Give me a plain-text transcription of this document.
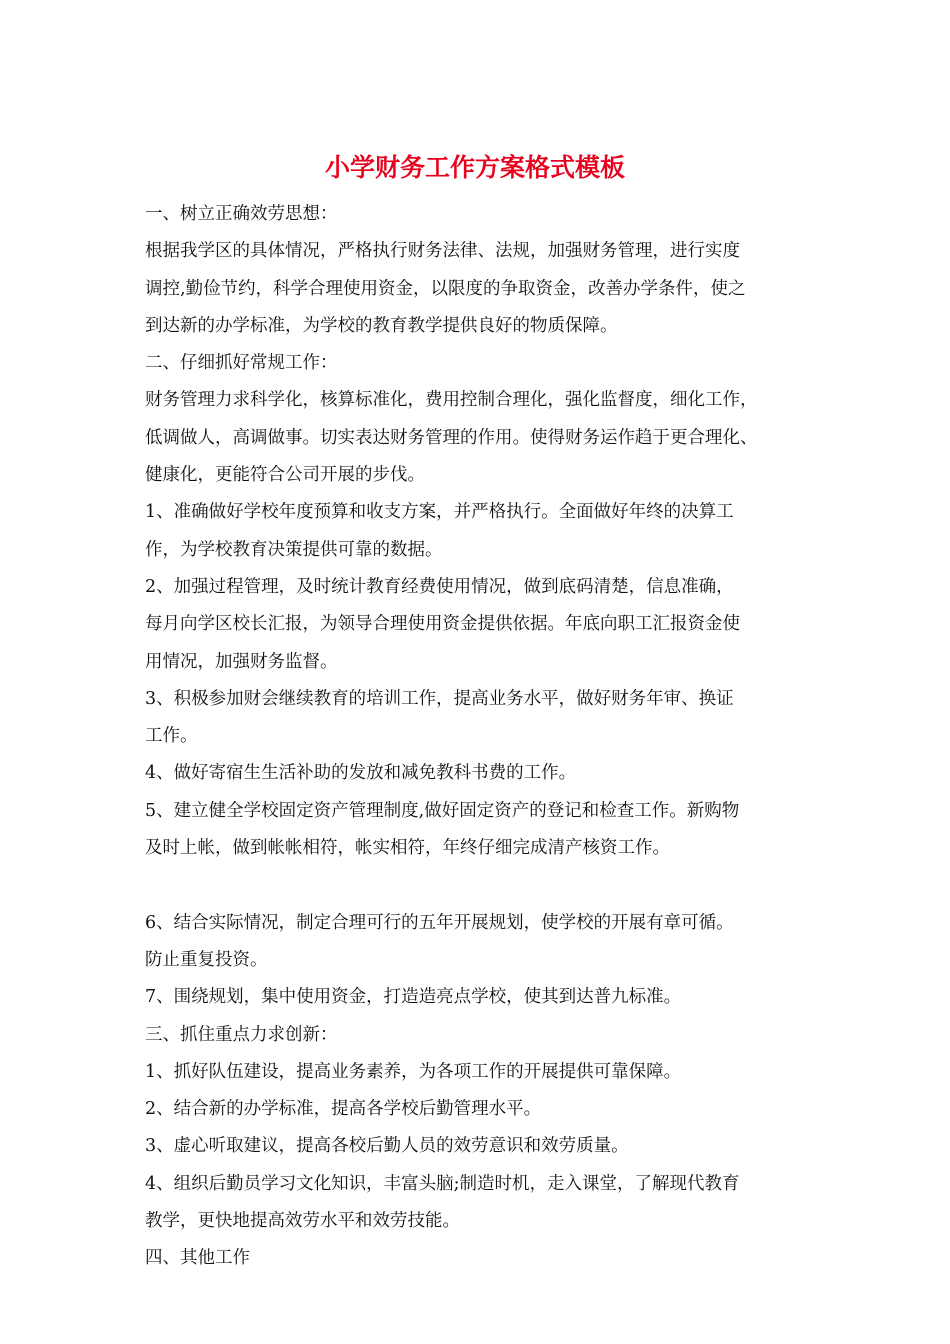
小学财务工作方案格式模板
一、树立正确效劳思想：
根据我学区的具体情况，严格执行财务法律、法规，加强财务管理，进行实度
调控,勤俭节约，科学合理使用资金，以限度的争取资金，改善办学条件，使之
到达新的办学标准，为学校的教育教学提供良好的物质保障。
二、仔细抓好常规工作：
财务管理力求科学化，核算标准化，费用控制合理化，强化监督度，细化工作，
低调做人，高调做事。切实表达财务管理的作用。使得财务运作趋于更合理化、
健康化，更能符合公司开展的步伐。
1、准确做好学校年度预算和收支方案，并严格执行。全面做好年终的决算工
作，为学校教育决策提供可靠的数据。
2、加强过程管理，及时统计教育经费使用情况，做到底码清楚，信息准确，
每月向学区校长汇报，为领导合理使用资金提供依据。年底向职工汇报资金使
用情况，加强财务监督。
3、积极参加财会继续教育的培训工作，提高业务水平，做好财务年审、换证
工作。
4、做好寄宿生生活补助的发放和减免教科书费的工作。
5、建立健全学校固定资产管理制度,做好固定资产的登记和检查工作。新购物
及时上帐，做到帐帐相符，帐实相符，年终仔细完成清产核资工作。
6、结合实际情况，制定合理可行的五年开展规划，使学校的开展有章可循。
防止重复投资。
7、围绕规划，集中使用资金，打造造亮点学校，使其到达普九标准。
三、抓住重点力求创新：
1、抓好队伍建设，提高业务素养，为各项工作的开展提供可靠保障。
2、结合新的办学标准，提高各学校后勤管理水平。
3、虚心听取建议，提高各校后勤人员的效劳意识和效劳质量。
4、组织后勤员学习文化知识，丰富头脑;制造时机，走入课堂，了解现代教育
教学，更快地提高效劳水平和效劳技能。
四、其他工作
